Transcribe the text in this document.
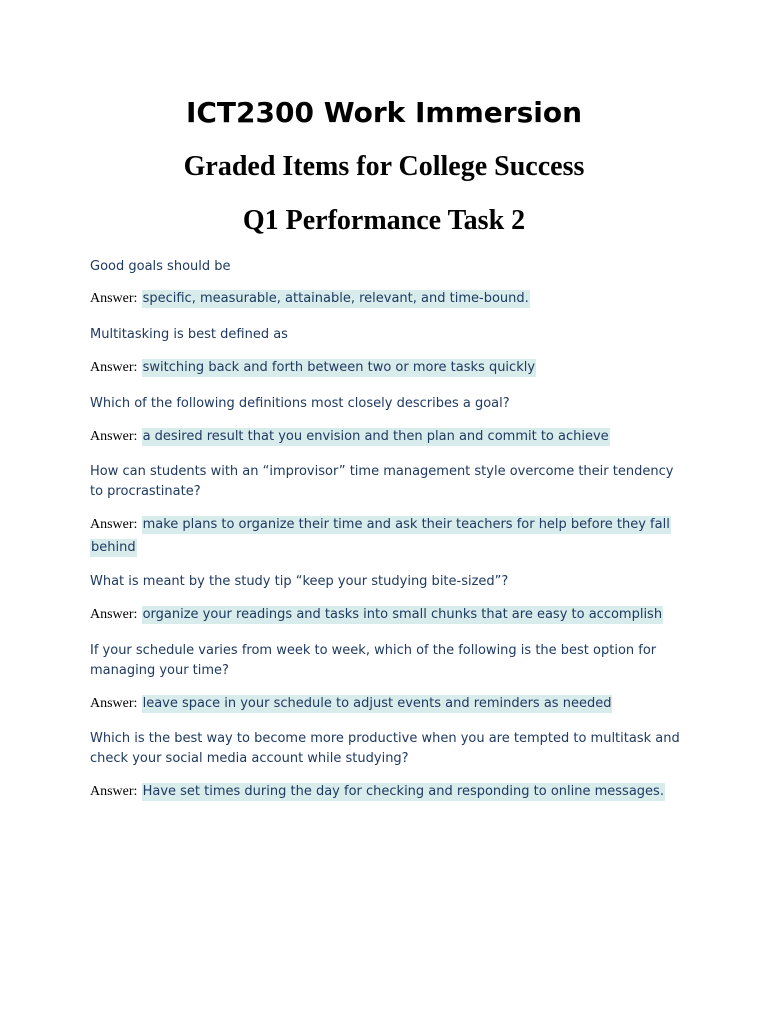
ICT2300 Work Immersion
Graded Items for College Success
Q1 Performance Task 2

Good goals should be

Answer: specific, measurable, attainable, relevant, and time-bound.

Multitasking is best defined as

Answer: switching back and forth between two or more tasks quickly

Which of the following definitions most closely describes a goal?

Answer: a desired result that you envision and then plan and commit to achieve

How can students with an “improvisor” time management style overcome their tendency to procrastinate?

Answer: make plans to organize their time and ask their teachers for help before they fall behind

What is meant by the study tip “keep your studying bite-sized”?

Answer: organize your readings and tasks into small chunks that are easy to accomplish

If your schedule varies from week to week, which of the following is the best option for managing your time?

Answer: leave space in your schedule to adjust events and reminders as needed

Which is the best way to become more productive when you are tempted to multitask and check your social media account while studying?

Answer: Have set times during the day for checking and responding to online messages.
